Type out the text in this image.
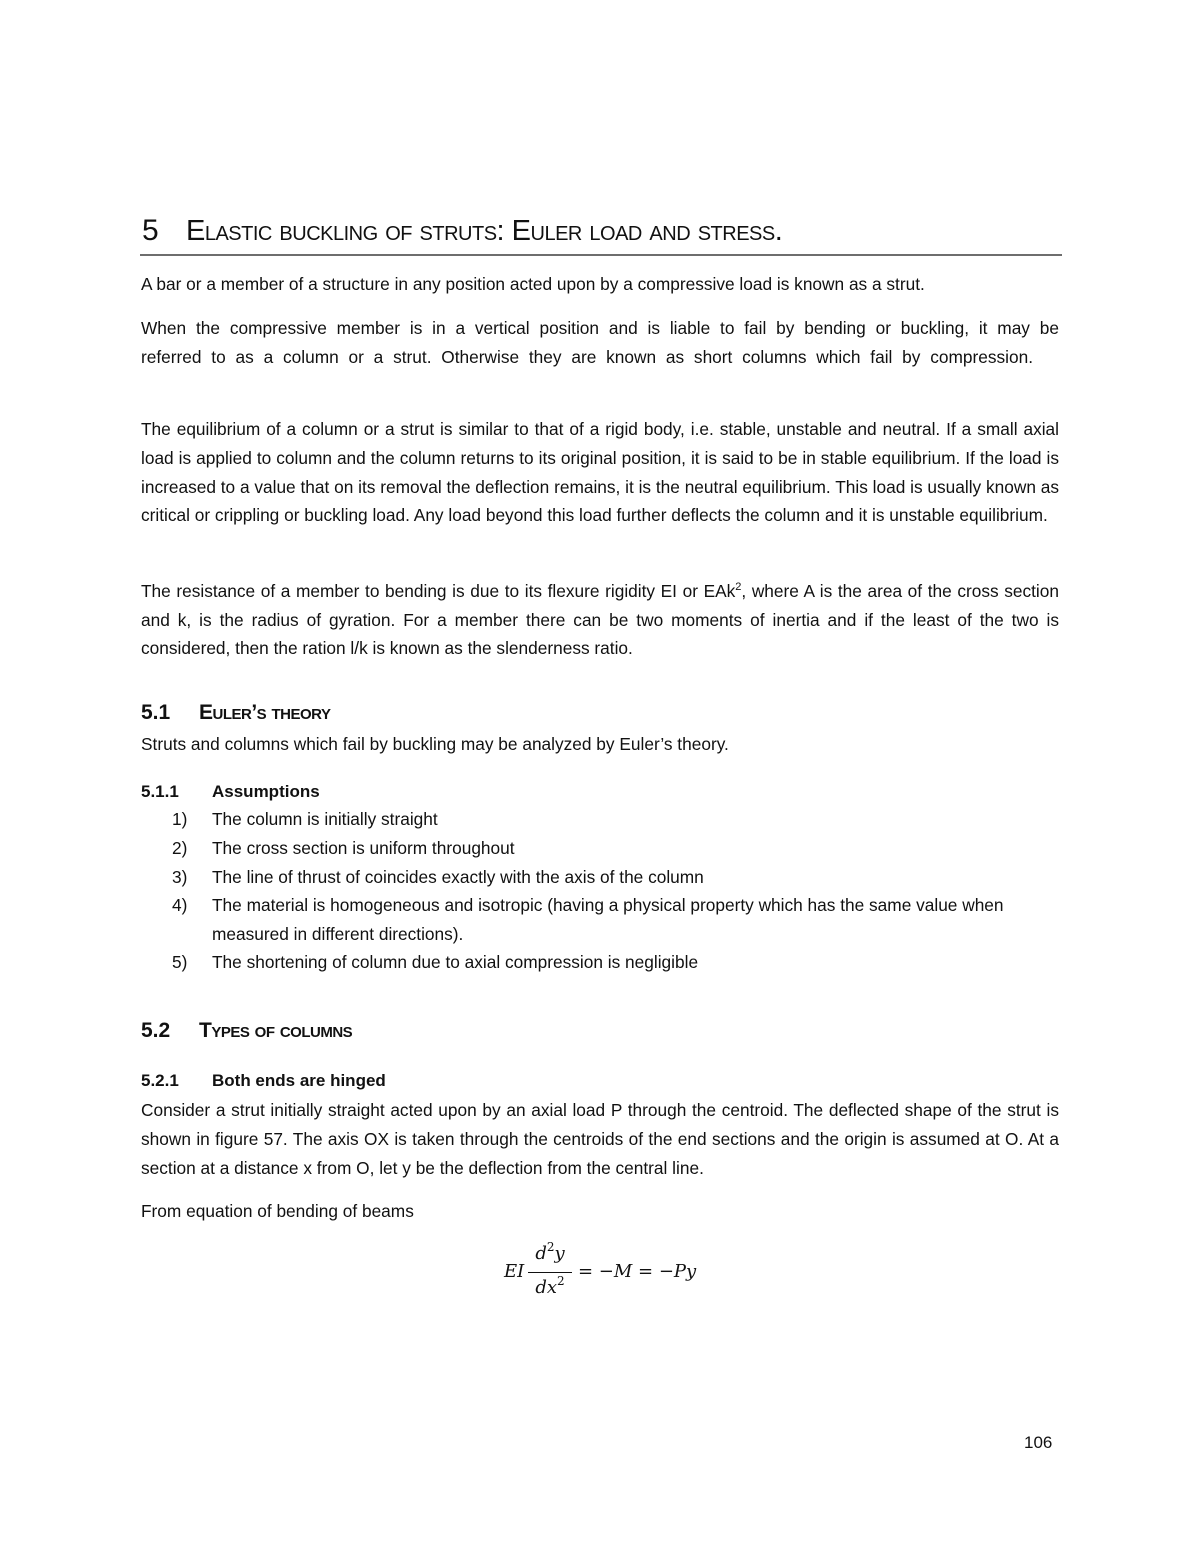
5 Elastic buckling of struts: Euler load and stress.

A bar or a member of a structure in any position acted upon by a compressive load is known as a strut.

When the compressive member is in a vertical position and is liable to fail by bending or buckling, it may be referred to as a column or a strut. Otherwise they are known as short columns which fail by compression.

The equilibrium of a column or a strut is similar to that of a rigid body, i.e. stable, unstable and neutral. If a small axial load is applied to column and the column returns to its original position, it is said to be in stable equilibrium. If the load is increased to a value that on its removal the deflection remains, it is the neutral equilibrium. This load is usually known as critical or crippling or buckling load. Any load beyond this load further deflects the column and it is unstable equilibrium.

The resistance of a member to bending is due to its flexure rigidity EI or EAk$^2$, where A is the area of the cross section and k, is the radius of gyration. For a member there can be two moments of inertia and if the least of the two is considered, then the ration l/k is known as the slenderness ratio.

5.1 Euler’s theory

Struts and columns which fail by buckling may be analyzed by Euler’s theory.

5.1.1 Assumptions
1) The column is initially straight
2) The cross section is uniform throughout
3) The line of thrust of coincides exactly with the axis of the column
4) The material is homogeneous and isotropic (having a physical property which has the same value when measured in different directions).
5) The shortening of column due to axial compression is negligible
5.2 Types of columns
5.2.1 Both ends are hinged

Consider a strut initially straight acted upon by an axial load P through the centroid. The deflected shape of the strut is shown in figure 57. The axis OX is taken through the centroids of the end sections and the origin is assumed at O. At a section at a distance x from O, let y be the deflection from the central line.

From equation of bending of beams

EI
$d^2y$
$dx^2 = -M = -Py$
106
